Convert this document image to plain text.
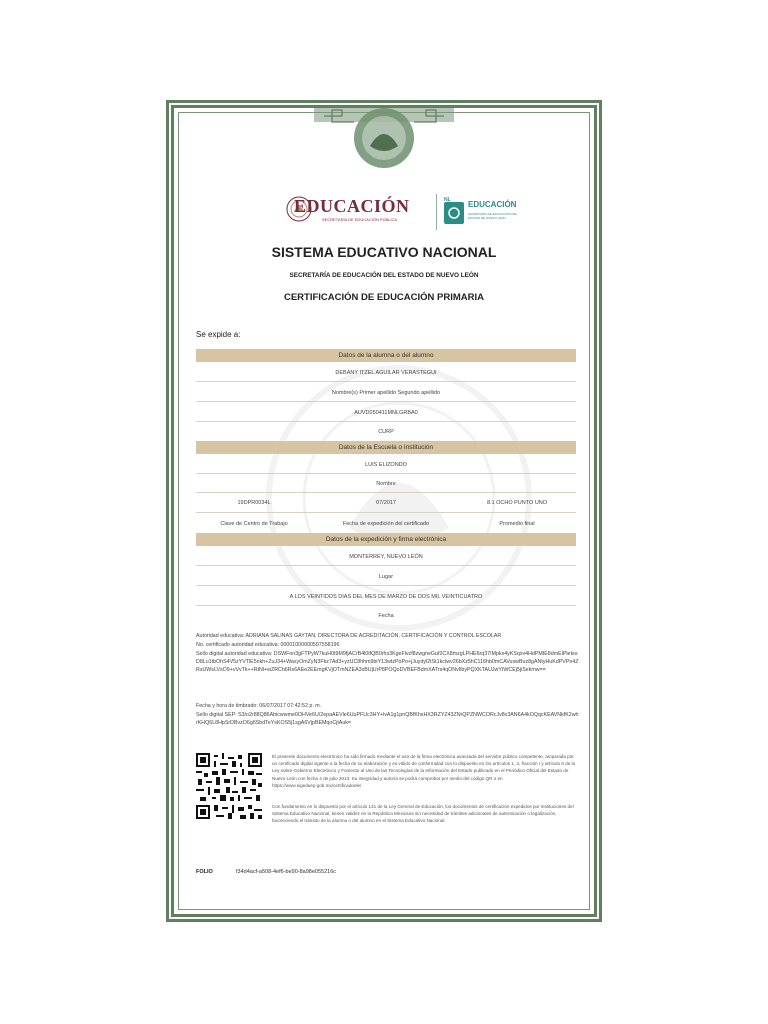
EDUCACIÓN
SECRETARÍA DE EDUCACIÓN PÚBLICA
NL EDUCACIÓN
SECRETARÍA DE EDUCACIÓN DEL ESTADO DE NUEVO LEÓN
SISTEMA EDUCATIVO NACIONAL
SECRETARÍA DE EDUCACIÓN DEL ESTADO DE NUEVO LEÓN
CERTIFICACIÓN DE EDUCACIÓN PRIMARIA
Se expide a:
Datos de la alumna o del alumno
DEBANY ITZEL AGUILAR VERASTEGUI
Nombre(s) Primer apellido Segundo apellido
AUVD050411MNLGRBA0
CURP
Datos de la Escuela o Institución
LUIS ELIZONDO
Nombre
19DPR0034L	07/2017	8.1 OCHO PUNTO UNO
Clave de Centro de Trabajo	Fecha de expedición del certificado	Promedio final
Datos de la expedición y firma electrónica
MONTERREY, NUEVO LEÓN
Lugar
A LOS VEINTIDOS DIAS DEL MES DE MARZO DE DOS MIL VEINTICUATRO
Fecha
Autoridad educativa: ADRIANA SALINAS GAYTAN, DIRECTORA DE ACREDITACIÓN, CERTIFICACIÓN Y CONTROL ESCOLAR
No. certificado autoridad educativa: 00001000000507558196
Sello digital autoridad educativa: DSWFon3gFTPyW7kuH0t9M9fjACrB4l0tfQB0rhs3KgeFlvzf8zwgneGuf2CX8mzgLPHE6rq37IMpkx4yKSqxv4HdPMIE8dmElPleIesD8Lu1tbOhS4V5zYVTlE5nkh+ZuJ34+WaxyOmZyN3Fkz7Ad3+yzUC8hhm9biY13wtzPoPo+jJuydyl2tSt1kctwv26bXz5hC116hb0mCAVuxwBuz8gANtyHuKdPVPn4ZRsUWsLVsO9+vVvTk++RtNl+wZRCh6Rs6AEe2EEmgKVjOTmNZEA3xBUjUrP8POQoDVBEFBdmXATrs4qONvIlbyPQXKTAUJwYtWCEj5jiSekmw==
Fecha y hora de timbrado: 06/07/2017 07:42:52 p. m.
Sello digital SEP: S3/o2r88Q86Ahicwwme0OHVe6U/2epaAEVle6UuPFUc3HY+lvA1g1pnQBfKhxHX3RZYZ43ZNrQPZNWCORcJv8x3AN6A4kOQqcKEAVNkfK2whrKHQ6L8HpSrDBvzO6g6SbdTeYsKOS5j1sgA6VjpBEMqoCjtAuk=
El presente documento electrónico ha sido firmado mediante el uso de la firma electrónica avanzada del servidor público competente, amparada por un certificado digital vigente a la fecha de su elaboración y es válido de conformidad con lo dispuesto en los artículos 1, 3, fracción I y artículo 6 de la Ley sobre Gobierno Electrónico y Fomento al Uso de las Tecnologías de la Información del Estado publicado en el Periódico Oficial del Estado de Nuevo León con fecha 4 de julio 2013. Su integridad y autoría se podrá comprobar por medio del código QR o en https://www.sigeduep.gob.mx/certificadoele/
Con fundamento en lo dispuesto por el artículo 141 de la Ley General de Educación, los documentos de certificación expedidos por instituciones del Sistema Educativo Nacional, tienen validez en la República Mexicana sin necesidad de trámites adicionales de autenticación o legalización, favoreciendo el tránsito de la alumna o del alumno en el Sistema Educativo Nacional.
FOLIO	f34d4acf-a508-4ef6-be90-8a98e055216c
